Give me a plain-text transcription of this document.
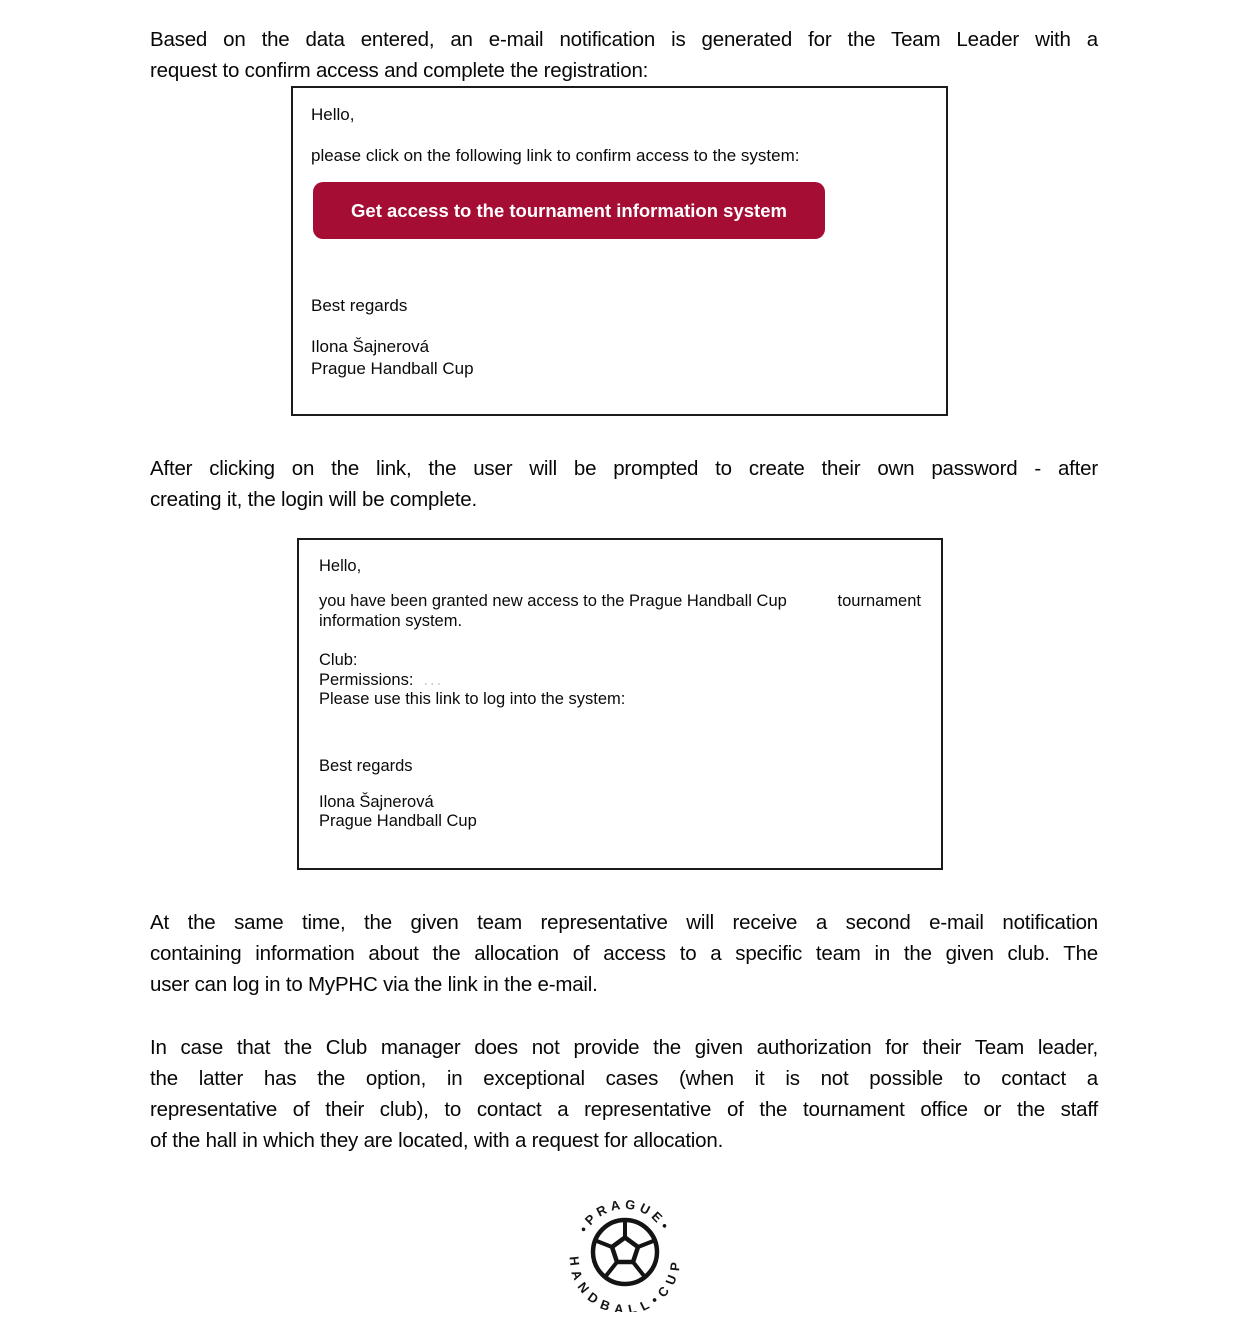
Based on the data entered, an e-mail notification is generated for the Team Leader with a
request to confirm access and complete the registration:
Hello,
please click on the following link to confirm access to the system:
Get access to the tournament information system
Best regards
Ilona Šajnerová
Prague Handball Cup
After clicking on the link, the user will be prompted to create their own password - after
creating it, the login will be complete.
Hello,
you have been granted new access to the Prague Handball Cup	tournament
information system.
Club:
Permissions: ...
Please use this link to log into the system:
Best regards
Ilona Šajnerová
Prague Handball Cup
At the same time, the given team representative will receive a second e-mail notification
containing information about the allocation of access to a specific team in the given club. The
user can log in to MyPHC via the link in the e-mail.
In case that the Club manager does not provide the given authorization for their Team leader,
the latter has the option, in exceptional cases (when it is not possible to contact a
representative of their club), to contact a representative of the tournament office or the staff
of the hall in which they are located, with a request for allocation.
•PRAGUE•
HANDBALL•CUP
